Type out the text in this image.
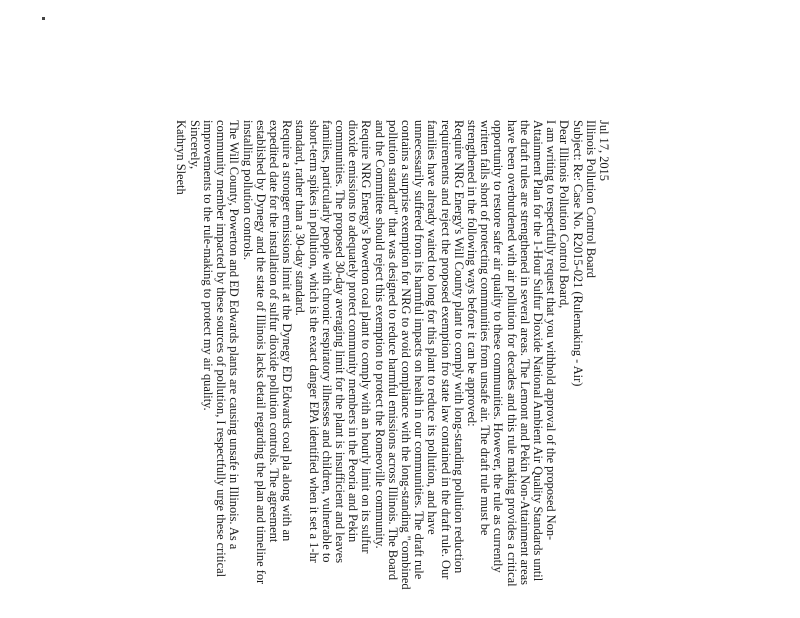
Jul 17, 2015

Illinois Pollution Control Board

Subject: Re: Case No. R2015-021 (Rulemaking - Air)

Dear Illinois Pollution Control Board,

I am writing to respectfully request that you withhold approval of the proposed Non-Attainment Plan for the 1-Hour Sulfur Dioxide National Ambient Air Quality Standards until the draft rules are strengthened in several areas. The Lemont and Pekin Non-Attainment areas have been overburdened with air pollution for decades and this rule making provides a critical opportunity to restore safer air quality to these communities. However, the rule as currently written falls short of protecting communities from unsafe air. The draft rule must be strengthened in the following ways before it can be approved:

Require NRG Energy's Will County plant to comply with long-standing pollution reduction requirements and reject the proposed exemption fro state law contained in the draft rule. Our families have already waited too long for this plant to reduce its pollution, and have unnecessarily suffered from its harmful impacts on health in our communities. The draft rule contains a surprise exemption for NRG to avoid compliance with the long-standing "combined pollution standard" that was designed to reduce harmful emissions across Illinois. The Board and the Committee should reject this exemption to protect the Romeoville community.

Require NRG Energy's Powerton coal plant to comply with an hourly limit on its sulfur dioxide emissions to adequately protect community members in the Peoria and Pekin communities. The proposed 30-day averaging limit for the plant is insufficient and leaves families, particularly people with chronic respiratory illnesses and children, vulnerable to short-term spikes in pollution, which is the exact danger EPA identified when it set a 1-hr standard, rather than a 30-day standard.

Require a stronger emissions limit at the Dynegy ED Edwards coal pla along with an expedited date for the installation of sulfur dioxide pollution controls. The agreement established by Dynegy and the state of Illinois lacks detail regarding the plan and timeline for installing pollution controls.

The Will County, Powerton and ED Edwards plants are causing unsafe in Illinois. As a community member impacted by these sources of pollution, I respectfully urge these critical improvements to the rule-making to protect my air quality.

Sincerely,

Kathryn Sleeth
